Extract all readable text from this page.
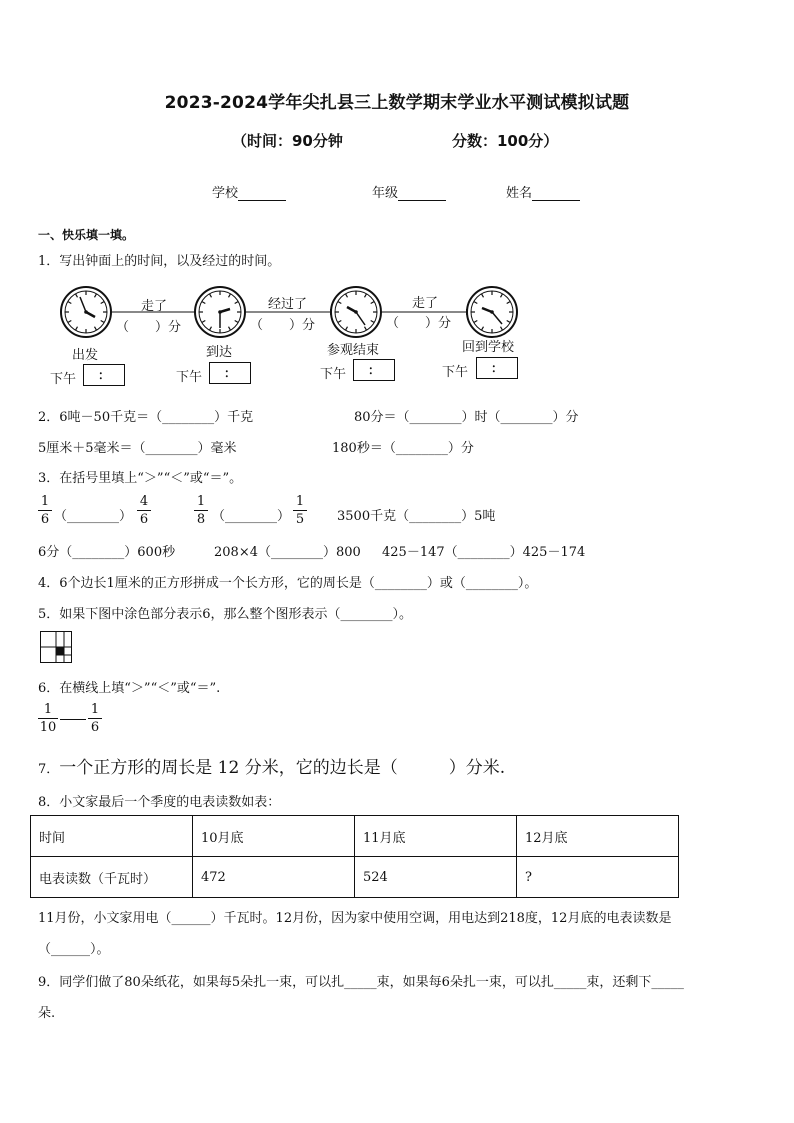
2023-2024学年尖扎县三上数学期末学业水平测试模拟试题
（时间：90分钟	分数：100分）
学校	年级	姓名
一、快乐填一填。
1．写出钟面上的时间，以及经过的时间。
走了	经过了	走了
（　　）分	（　　）分	（　　）分
出发	到达	参观结束	回到学校
下午	：	下午	：	下午	：	下午	：
2．6吨－50千克＝（________）千克	80分＝（________）时（________）分
5厘米＋5毫米＝（________）毫米	180秒＝（________）分
3．在括号里填上“＞”“＜”或“＝”。
1
6 （________）
4
6
1
8 （________）
1
5	3500千克（________）5吨
6分（________）600秒	208×4（________）800 425－147（________）425－174
4．6个边长1厘米的正方形拼成一个长方形，它的周长是（________）或（________）。
5．如果下图中涂色部分表示6，那么整个图形表示（________）。
6．在横线上填“＞”“＜”或“＝”.
1
10
1
6
7．一个正方形的周长是 12 分米，它的边长是（　　　）分米.
8．小文家最后一个季度的电表读数如表：
时间	10月底	11月底	12月底
电表读数（千瓦时）	472	524	?
11月份，小文家用电（______）千瓦时。12月份，因为家中使用空调，用电达到218度，12月底的电表读数是
（______）。
9．同学们做了80朵纸花，如果每5朵扎一束，可以扎_____束，如果每6朵扎一束，可以扎_____束，还剩下_____
朵.
